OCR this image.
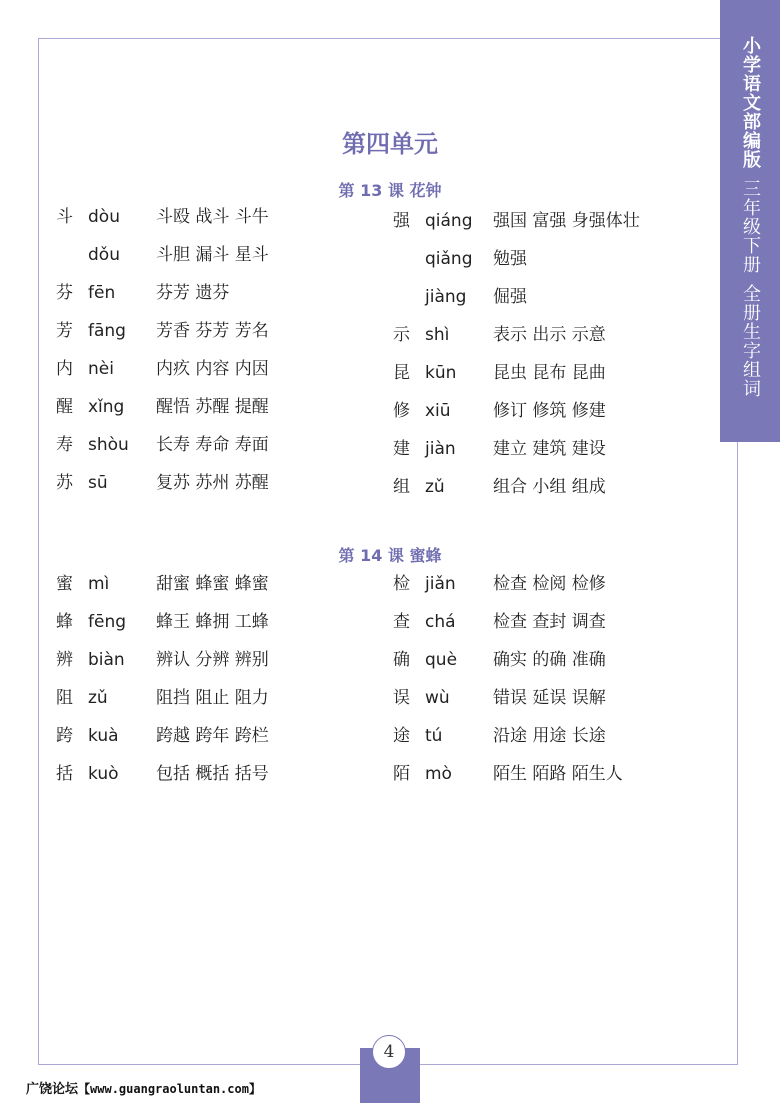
小学语文部编版
三年级下册
全册生字组词
第四单元
第 13 课 花钟
斗 dòu 斗殴 战斗 斗牛
dǒu 斗胆 漏斗 星斗
芬 fēn 芬芳 遗芬
芳 fāng 芳香 芬芳 芳名
内 nèi 内疚 内容 内因
醒 xǐng 醒悟 苏醒 提醒
寿 shòu 长寿 寿命 寿面
苏 sū	复苏 苏州 苏醒
强 qiáng 强国 富强 身强体壮
qiǎng 勉强
jiàng 倔强
示 shì	表示 出示 示意
昆 kūn 昆虫 昆布 昆曲
修 xiū 修订 修筑 修建
建 jiàn 建立 建筑 建设
组 zǔ	组合 小组 组成
第 14 课 蜜蜂
蜜 mì	甜蜜 蜂蜜 蜂蜜
蜂 fēng 蜂王 蜂拥 工蜂
辨 biàn 辨认 分辨 辨别
阻 zǔ	阻挡 阻止 阻力
跨 kuà 跨越 跨年 跨栏
括 kuò 包括 概括 括号
检 jiǎn 检查 检阅 检修
查 chá 检查 查封 调查
确 què 确实 的确 准确
误 wù	错误 延误 误解
途 tú	沿途 用途 长途
陌 mò 陌生 陌路 陌生人
4
广饶论坛【www.guangraoluntan.com】
